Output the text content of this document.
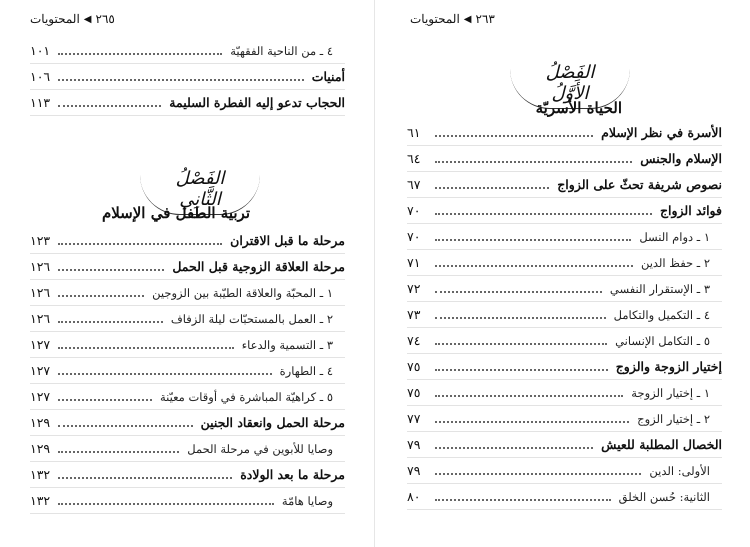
٢٦٥
◀
المحتويات
٤ ـ من الناحية الفقهيّة
١٠١
أمنيات
١٠٦
الحجاب تدعو إليه الفطرة السليمة
١١٣
الفَصْلُ الثَّانِي
تربية الطفل في الإسلام
مرحلة ما قبل الاقتران
١٢٣
مرحلة العلاقة الزوجية قبل الحمل
١٢٦
١ ـ المحبّة والعلاقة الطيّبة بين الزوجين
١٢٦
٢ ـ العمل بالمستحبّات ليلة الزفاف
١٢٦
٣ ـ التسمية والدعاء
١٢٧
٤ ـ الطهارة
١٢٧
٥ ـ كراهيّة المباشرة في أوقات معيّنة
١٢٧
مرحلة الحمل وانعقاد الجنين
١٢٩
وصايا للأبوين في مرحلة الحمل
١٢٩
مرحلة ما بعد الولادة
١٣٢
وصايا هامّة
١٣٢
٢٦٣
◀
المحتويات
الفَصْلُ الأَوَّلُ
الحياة الأسريّة
الأسرة في نظر الإسلام
٦١
الإسلام والجنس
٦٤
نصوص شريفة تحثّ على الزواج
٦٧
فوائد الزواج
٧٠
١ ـ دوام النسل
٧٠
٢ ـ حفظ الدين
٧١
٣ ـ الإستقرار النفسي
٧٢
٤ ـ التكميل والتكامل
٧٣
٥ ـ التكامل الإنساني
٧٤
إختيار الزوجة والزوج
٧٥
١ ـ إختيار الزوجة
٧٥
٢ ـ إختيار الزوج
٧٧
الخصال المطلبة للعيش
٧٩
الأولى: الدين
٧٩
الثانية: حُسن الخلق
٨٠
